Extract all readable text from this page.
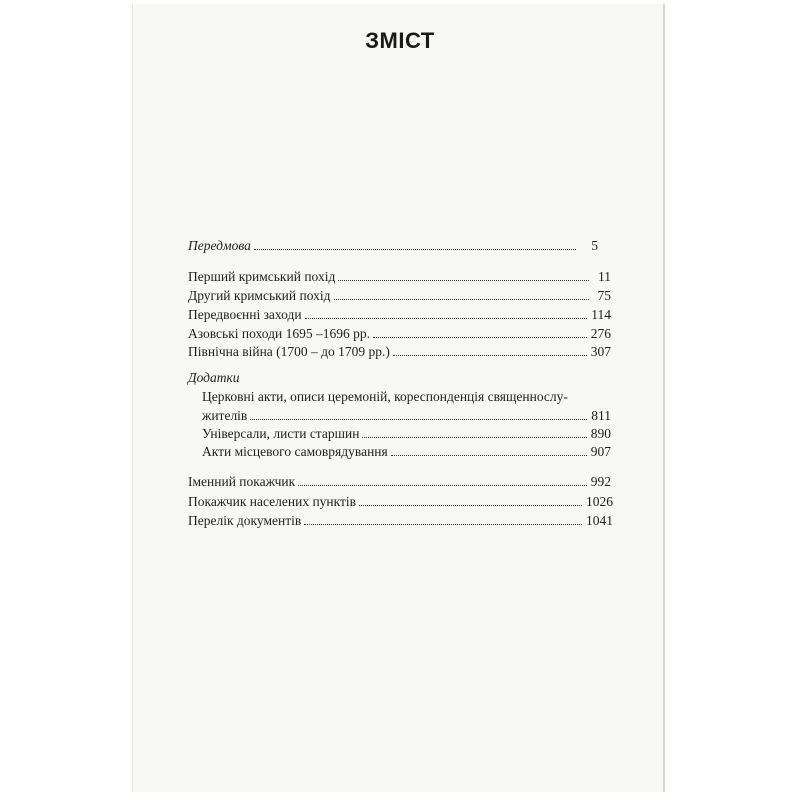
ЗМІСТ
Передмова	5
Перший кримський похід	11
Другий кримський похід	75
Передвоєнні заходи	114
Азовські походи 1695 –1696 рр.	276
Північна війна (1700 – до 1709 рр.)	307
Додатки
Церковні акти, описи церемоній, кореспонденція священнослу-
жителів	811
Універсали, листи старшин	890
Акти місцевого самоврядування	907
Іменний покажчик	992
Покажчик населених пунктів	1026
Перелік документів	1041
